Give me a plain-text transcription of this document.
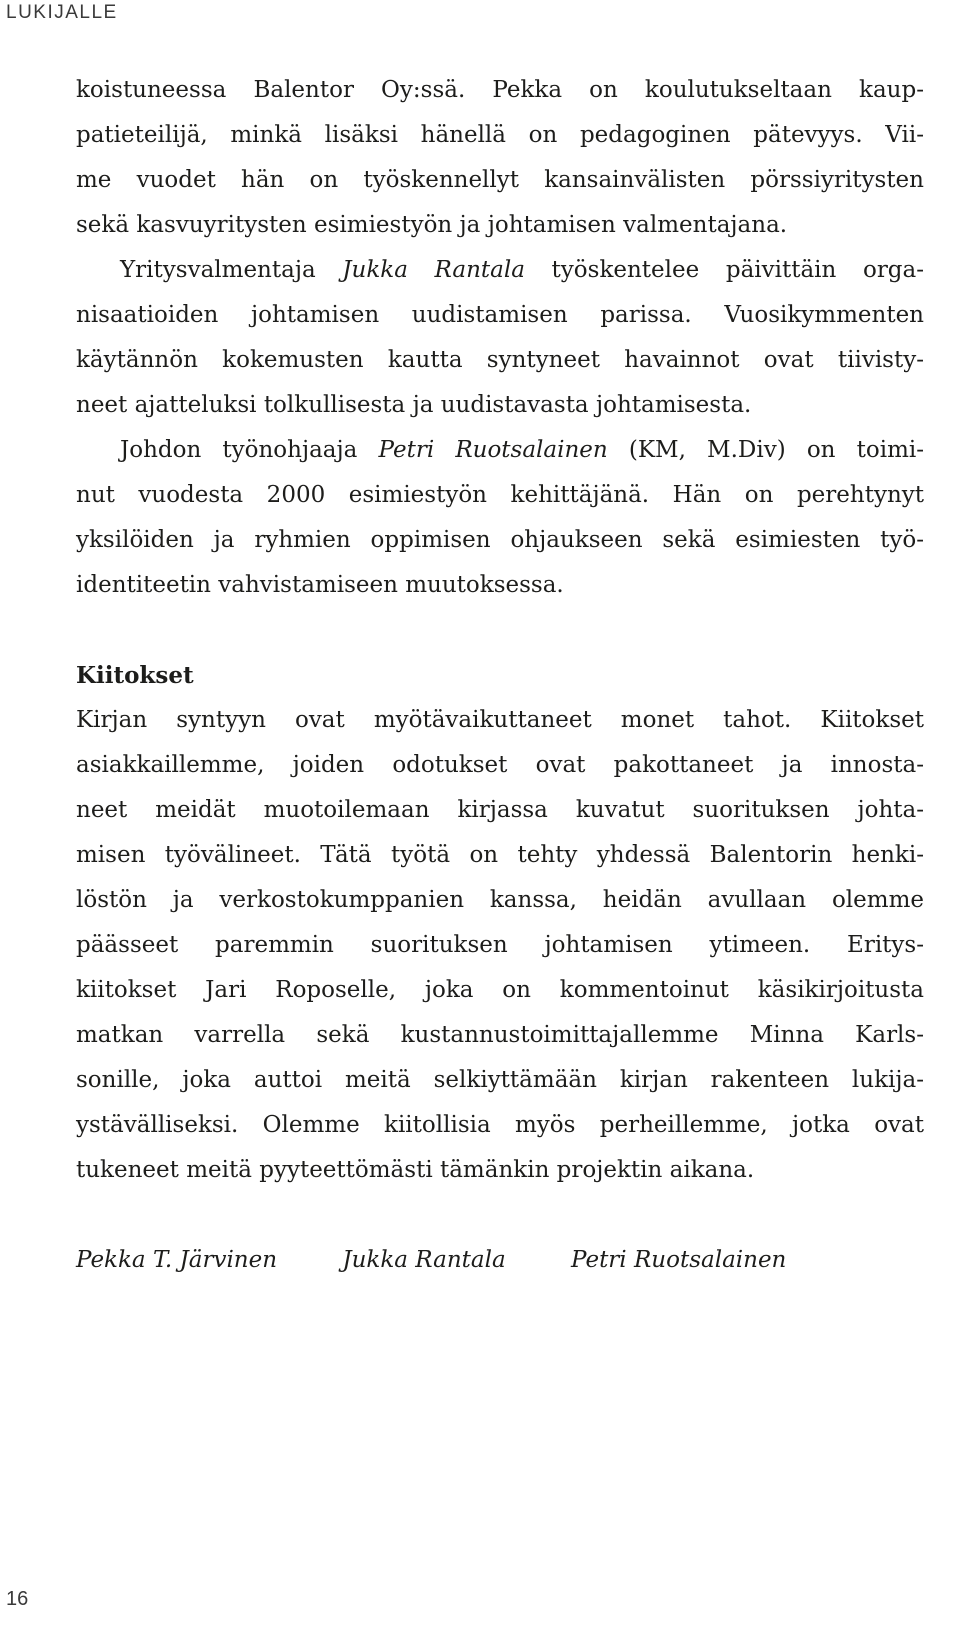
LUKIJALLE
koistuneessa Balentor Oy:ssä. Pekka on koulutukseltaan kaup-
patieteilijä, minkä lisäksi hänellä on pedagoginen pätevyys. Vii-
me vuodet hän on työskennellyt kansainvälisten pörssiyritysten
sekä kasvuyritysten esimiestyön ja johtamisen valmentajana.
Yritysvalmentaja Jukka Rantala työskentelee päivittäin orga-
nisaatioiden johtamisen uudistamisen parissa. Vuosikymmenten
käytännön kokemusten kautta syntyneet havainnot ovat tiivisty-
neet ajatteluksi tolkullisesta ja uudistavasta johtamisesta.
Johdon työnohjaaja Petri Ruotsalainen (KM, M.Div) on toimi-
nut vuodesta 2000 esimiestyön kehittäjänä. Hän on perehtynyt
yksilöiden ja ryhmien oppimisen ohjaukseen sekä esimiesten työ-
identiteetin vahvistamiseen muutoksessa.
Kiitokset
Kirjan syntyyn ovat myötävaikuttaneet monet tahot. Kiitokset
asiakkaillemme, joiden odotukset ovat pakottaneet ja innosta-
neet meidät muotoilemaan kirjassa kuvatut suorituksen johta-
misen työvälineet. Tätä työtä on tehty yhdessä Balentorin henki-
löstön ja verkostokumppanien kanssa, heidän avullaan olemme
päässeet paremmin suorituksen johtamisen ytimeen. Eritys-
kiitokset Jari Roposelle, joka on kommentoinut käsikirjoitusta
matkan varrella sekä kustannustoimittajallemme Minna Karls-
sonille, joka auttoi meitä selkiyttämään kirjan rakenteen lukija-
ystävälliseksi. Olemme kiitollisia myös perheillemme, jotka ovat
tukeneet meitä pyyteettömästi tämänkin projektin aikana.
Pekka T. Järvinen	Jukka Rantala	Petri Ruotsalainen
16
